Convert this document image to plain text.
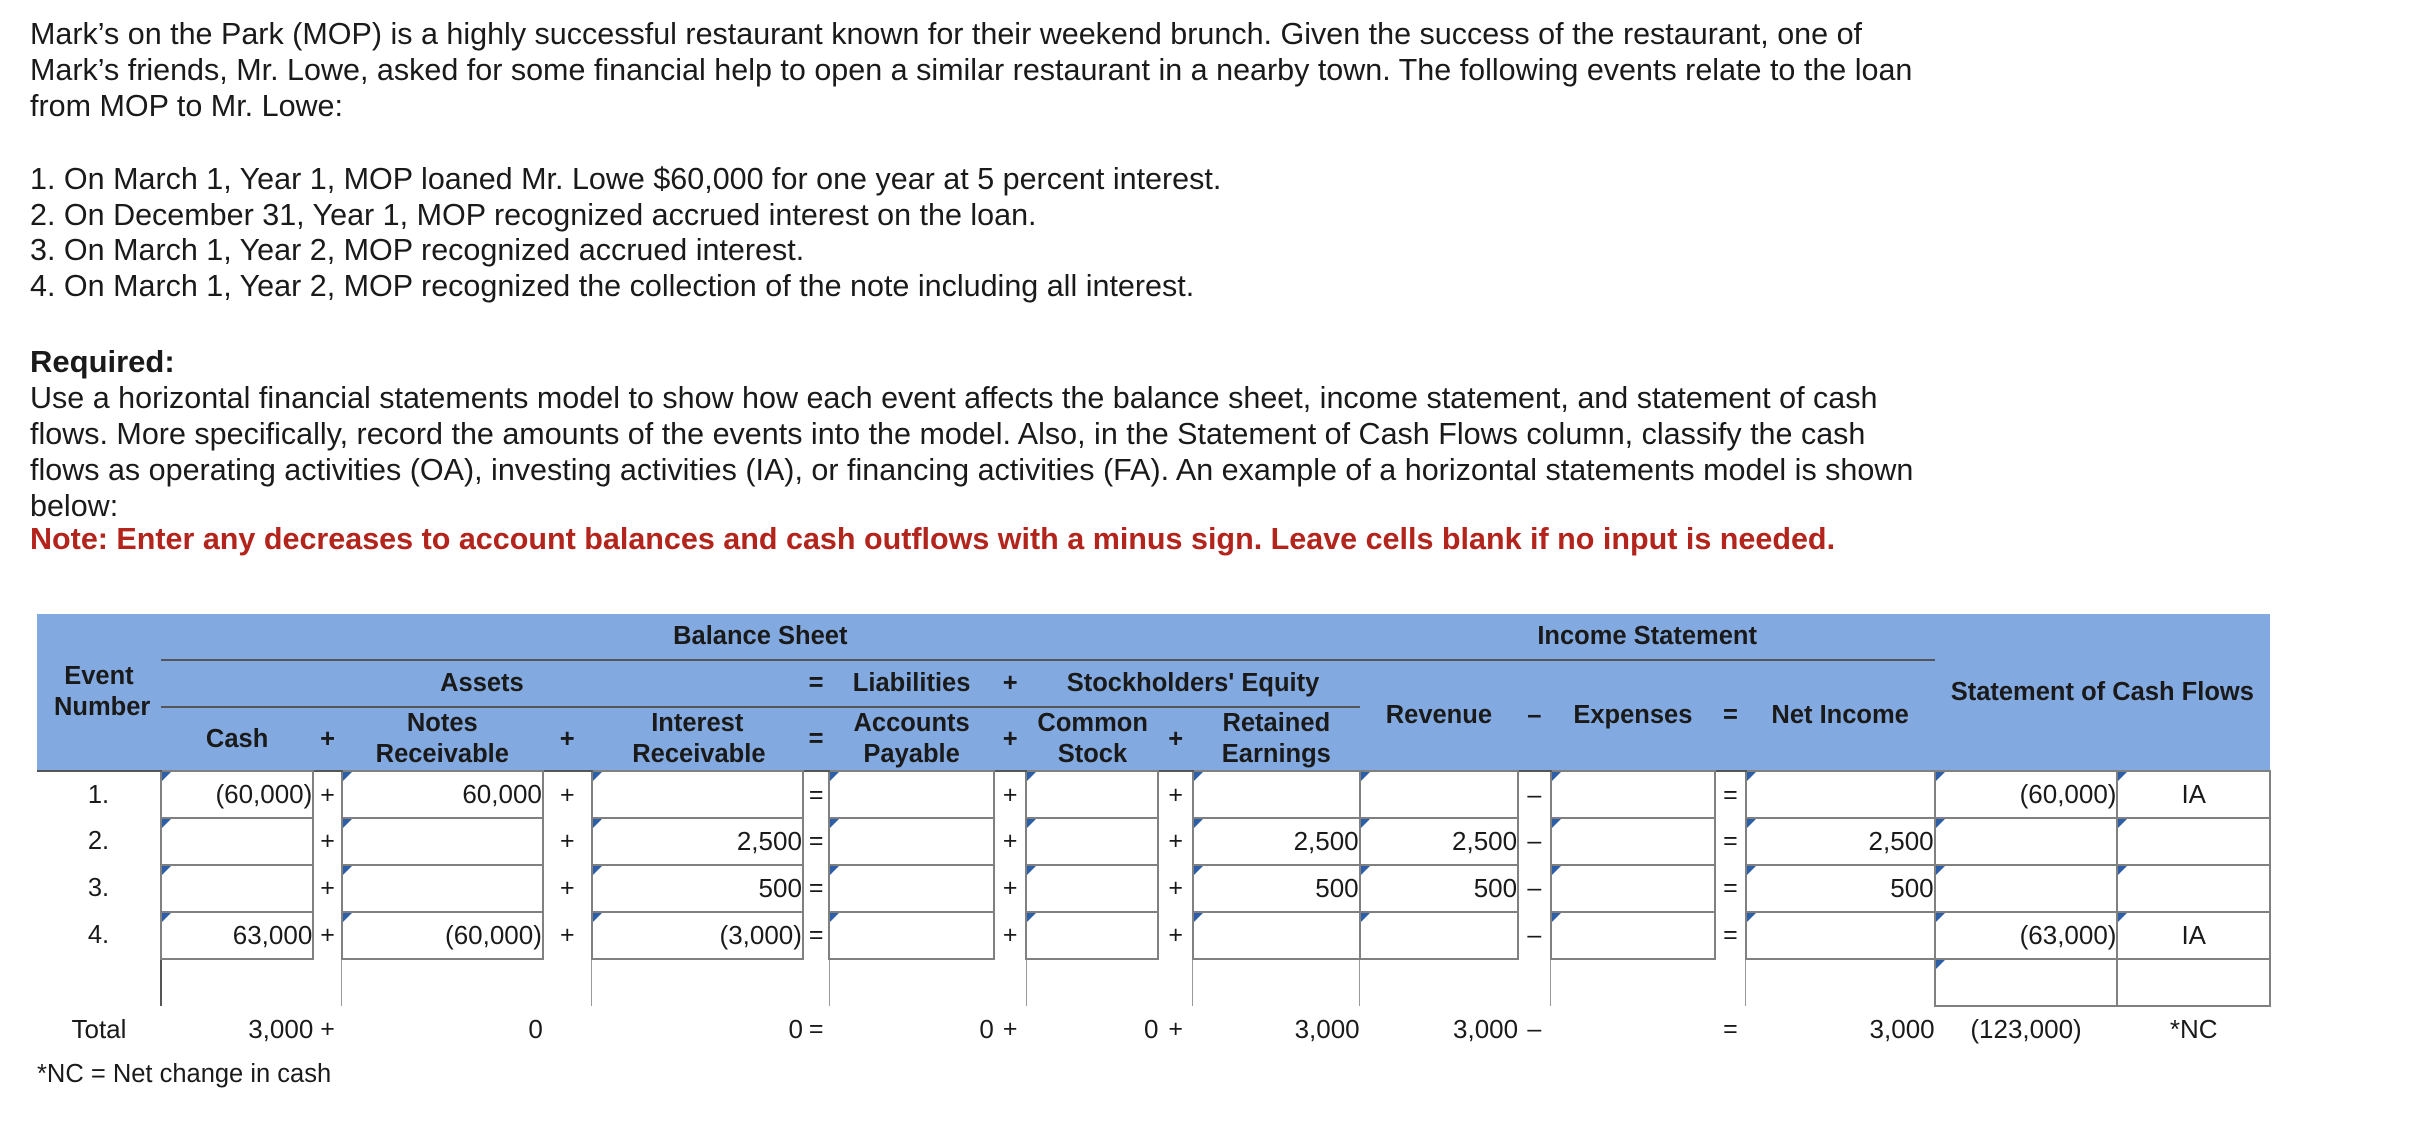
Mark’s on the Park (MOP) is a highly successful restaurant known for their weekend brunch. Given the success of the restaurant, one of Mark’s friends, Mr. Lowe, asked for some financial help to open a similar restaurant in a nearby town. The following events relate to the loan from MOP to Mr. Lowe:

1. On March 1, Year 1, MOP loaned Mr. Lowe $60,000 for one year at 5 percent interest.
2. On December 31, Year 1, MOP recognized accrued interest on the loan.
3. On March 1, Year 2, MOP recognized accrued interest.
4. On March 1, Year 2, MOP recognized the collection of the note including all interest.

Required:

Use a horizontal financial statements model to show how each event affects the balance sheet, income statement, and statement of cash flows. More specifically, record the amounts of the events into the model. Also, in the Statement of Cash Flows column, classify the cash flows as operating activities (OA), investing activities (IA), or financing activities (FA). An example of a horizontal statements model is shown below:

Note: Enter any decreases to account balances and cash outflows with a minus sign. Leave cells blank if no input is needed.

Event Number	Balance Sheet											Income Statement					Statement of Cash Flows	
	Assets					=	Liabilities	+	Stockholders' Equity			Revenue	–	Expenses	=	Net Income		
	Cash	+	Notes Receivable	+	Interest Receivable	=	Accounts Payable	+	Common Stock	+	Retained Earnings							
1.	(60,000)	+	60,000	+		=		+		+			–		=		(60,000)	IA
2.		+		+	2,500	=		+		+	2,500	2,500	–		=	2,500	

3.		+		+	500	=		+		+	500	500	–		=	500	

4.	63,000	+	(60,000)	+	(3,000)	=		+		+			–		=		(63,000)	IA

Total	3,000	+	0		0	=	0	+	0	+	3,000	3,000	–		=	3,000	(123,000)	*NC
*NC = Net change in cash																		
